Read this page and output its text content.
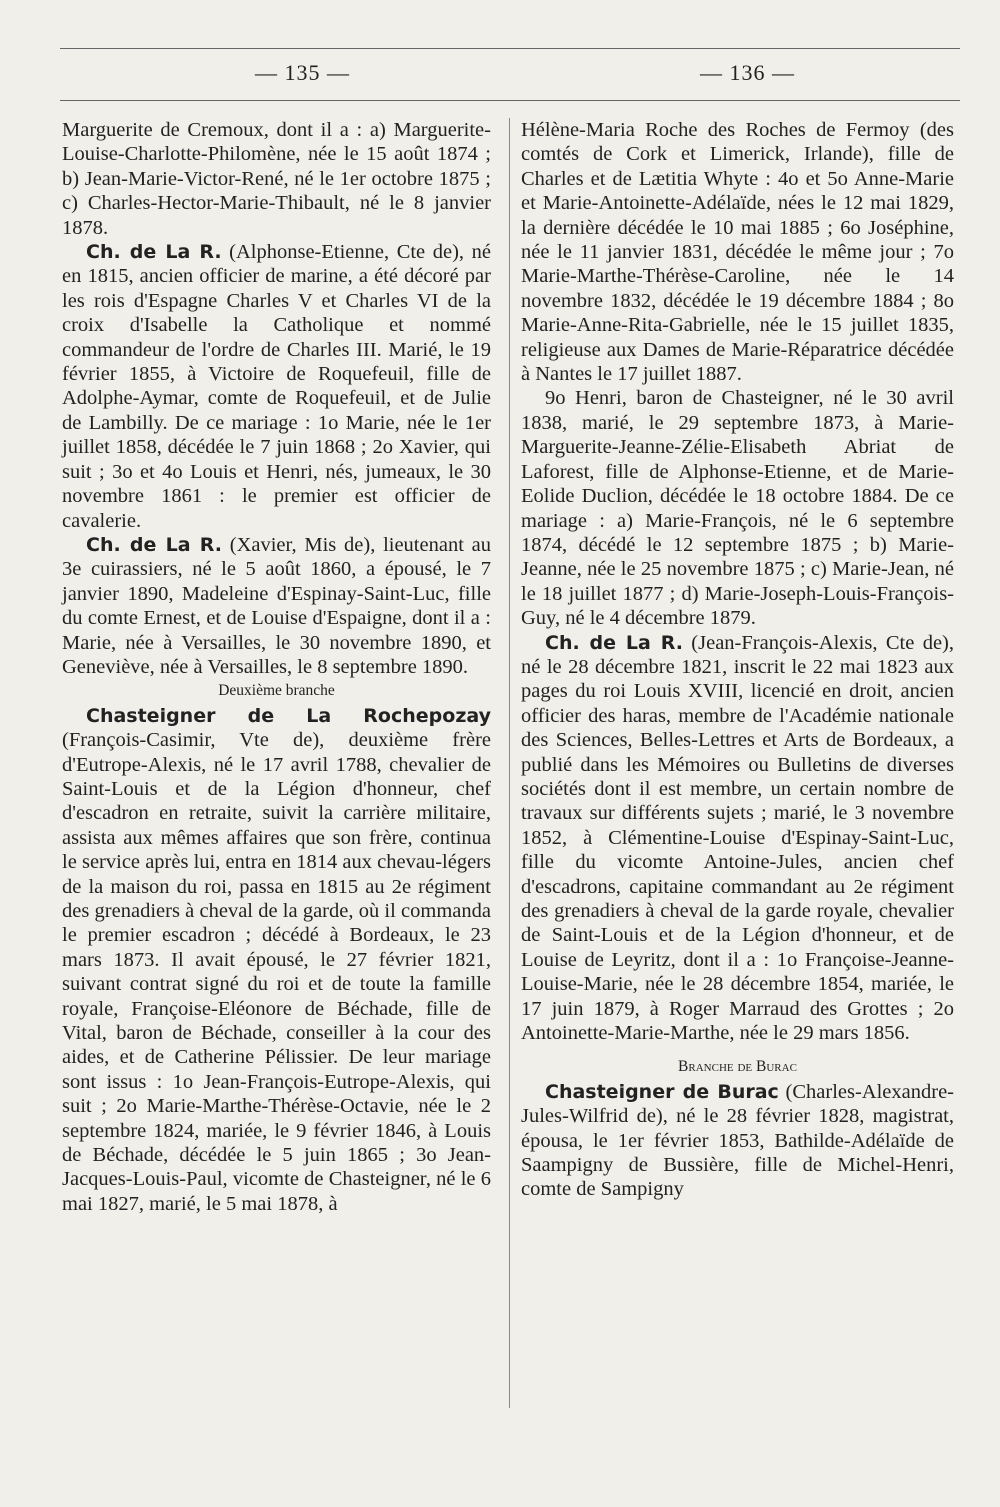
— 135 —	— 136 —

Marguerite de Cremoux, dont il a : a) Marguerite-Louise-Charlotte-Philomène, née le 15 août 1874 ; b) Jean-Marie-Victor-René, né le 1er octobre 1875 ; c) Charles-Hector-Marie-Thibault, né le 8 janvier 1878.

Ch. de La R. (Alphonse-Etienne, Cte de), né en 1815, ancien officier de marine, a été décoré par les rois d'Espagne Charles V et Charles VI de la croix d'Isabelle la Catholique et nommé commandeur de l'ordre de Charles III. Marié, le 19 février 1855, à Victoire de Roquefeuil, fille de Adolphe-Aymar, comte de Roquefeuil, et de Julie de Lambilly. De ce mariage : 1o Marie, née le 1er juillet 1858, décédée le 7 juin 1868 ; 2o Xavier, qui suit ; 3o et 4o Louis et Henri, nés, jumeaux, le 30 novembre 1861 : le premier est officier de cavalerie.

Ch. de La R. (Xavier, Mis de), lieutenant au 3e cuirassiers, né le 5 août 1860, a épousé, le 7 janvier 1890, Madeleine d'Espinay-Saint-Luc, fille du comte Ernest, et de Louise d'Espaigne, dont il a : Marie, née à Versailles, le 30 novembre 1890, et Geneviève, née à Versailles, le 8 septembre 1890.

Deuxième branche

Chasteigner de La Rochepozay (François-Casimir, Vte de), deuxième frère d'Eutrope-Alexis, né le 17 avril 1788, chevalier de Saint-Louis et de la Légion d'honneur, chef d'escadron en retraite, suivit la carrière militaire, assista aux mêmes affaires que son frère, continua le service après lui, entra en 1814 aux chevau-légers de la maison du roi, passa en 1815 au 2e régiment des grenadiers à cheval de la garde, où il commanda le premier escadron ; décédé à Bordeaux, le 23 mars 1873. Il avait épousé, le 27 février 1821, suivant contrat signé du roi et de toute la famille royale, Françoise-Eléonore de Béchade, fille de Vital, baron de Béchade, conseiller à la cour des aides, et de Catherine Pélissier. De leur mariage sont issus : 1o Jean-François-Eutrope-Alexis, qui suit ; 2o Marie-Marthe-Thérèse-Octavie, née le 2 septembre 1824, mariée, le 9 février 1846, à Louis de Béchade, décédée le 5 juin 1865 ; 3o Jean-Jacques-Louis-Paul, vicomte de Chasteigner, né le 6 mai 1827, marié, le 5 mai 1878, à

Hélène-Maria Roche des Roches de Fermoy (des comtés de Cork et Limerick, Irlande), fille de Charles et de Lætitia Whyte : 4o et 5o Anne-Marie et Marie-Antoinette-Adélaïde, nées le 12 mai 1829, la dernière décédée le 10 mai 1885 ; 6o Joséphine, née le 11 janvier 1831, décédée le même jour ; 7o Marie-Marthe-Thérèse-Caroline, née le 14 novembre 1832, décédée le 19 décembre 1884 ; 8o Marie-Anne-Rita-Gabrielle, née le 15 juillet 1835, religieuse aux Dames de Marie-Réparatrice décédée à Nantes le 17 juillet 1887.

9o Henri, baron de Chasteigner, né le 30 avril 1838, marié, le 29 septembre 1873, à Marie-Marguerite-Jeanne-Zélie-Elisabeth Abriat de Laforest, fille de Alphonse-Etienne, et de Marie-Eolide Duclion, décédée le 18 octobre 1884. De ce mariage : a) Marie-François, né le 6 septembre 1874, décédé le 12 septembre 1875 ; b) Marie-Jeanne, née le 25 novembre 1875 ; c) Marie-Jean, né le 18 juillet 1877 ; d) Marie-Joseph-Louis-François-Guy, né le 4 décembre 1879.

Ch. de La R. (Jean-François-Alexis, Cte de), né le 28 décembre 1821, inscrit le 22 mai 1823 aux pages du roi Louis XVIII, licencié en droit, ancien officier des haras, membre de l'Académie nationale des Sciences, Belles-Lettres et Arts de Bordeaux, a publié dans les Mémoires ou Bulletins de diverses sociétés dont il est membre, un certain nombre de travaux sur différents sujets ; marié, le 3 novembre 1852, à Clémentine-Louise d'Espinay-Saint-Luc, fille du vicomte Antoine-Jules, ancien chef d'escadrons, capitaine commandant au 2e régiment des grenadiers à cheval de la garde royale, chevalier de Saint-Louis et de la Légion d'honneur, et de Louise de Leyritz, dont il a : 1o Françoise-Jeanne-Louise-Marie, née le 28 décembre 1854, mariée, le 17 juin 1879, à Roger Marraud des Grottes ; 2o Antoinette-Marie-Marthe, née le 29 mars 1856.

Branche de Burac

Chasteigner de Burac (Charles-Alexandre-Jules-Wilfrid de), né le 28 février 1828, magistrat, épousa, le 1er février 1853, Bathilde-Adélaïde de Saampigny de Bussière, fille de Michel-Henri, comte de Sampigny
